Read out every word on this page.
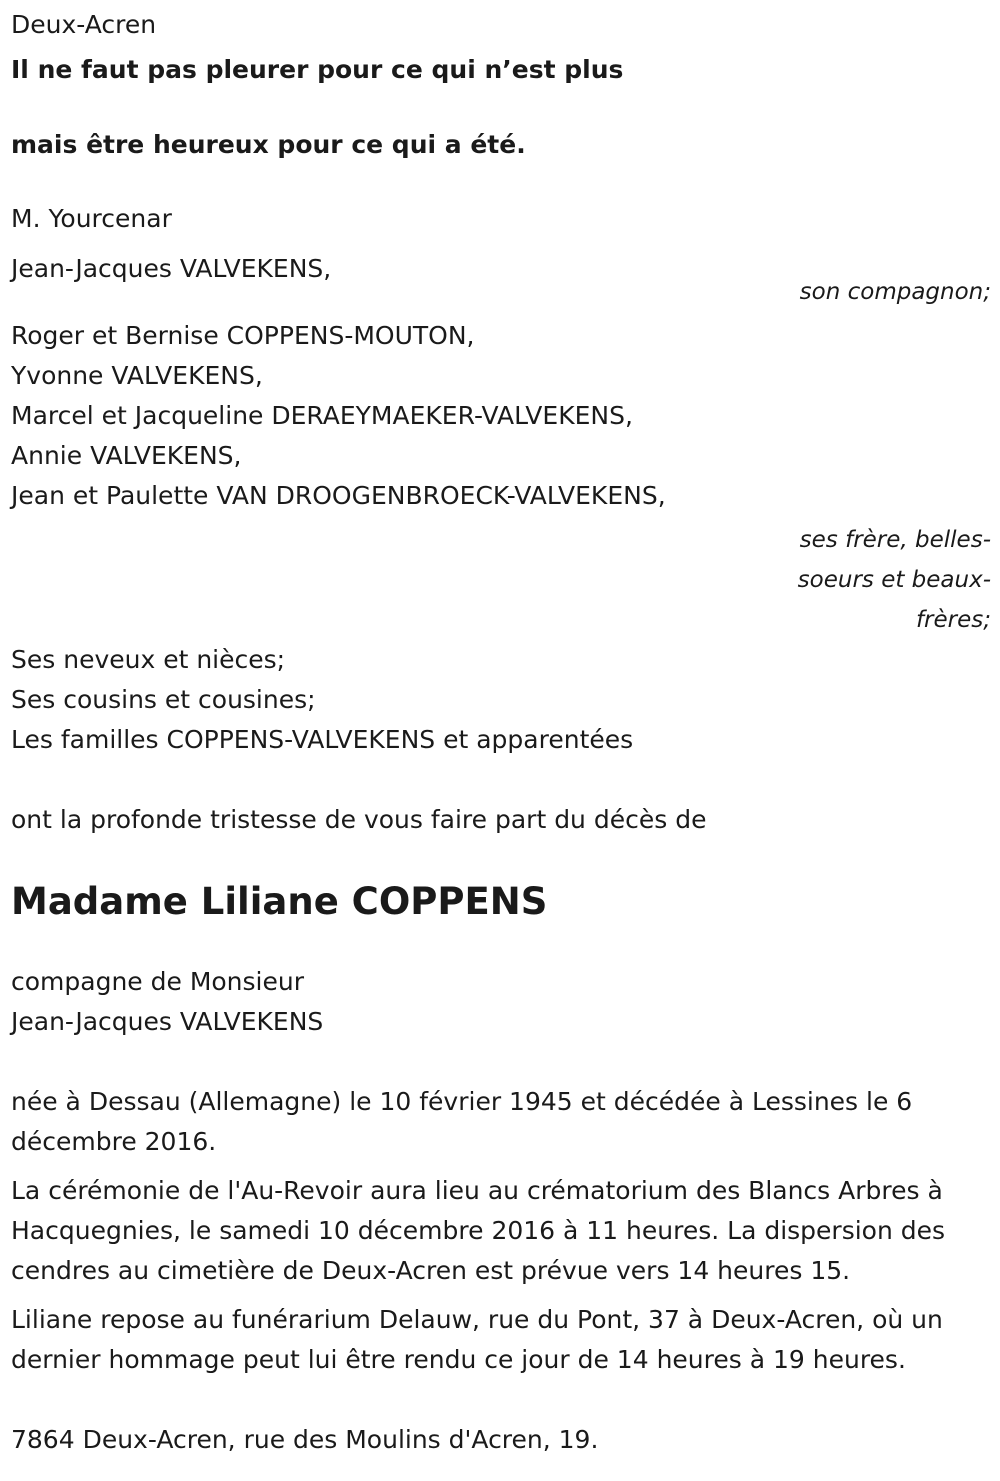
Deux-Acren

Il ne faut pas pleurer pour ce qui n’est plus

mais être heureux pour ce qui a été.

M. Yourcenar

Jean-Jacques VALVEKENS,

son compagnon;

Roger et Bernise COPPENS-MOUTON,

Yvonne VALVEKENS,

Marcel et Jacqueline DERAEYMAEKER-VALVEKENS,

Annie VALVEKENS,

Jean et Paulette VAN DROOGENBROECK-VALVEKENS,

ses frère, belles-
soeurs et beaux-
frères;

Ses neveux et nièces;

Ses cousins et cousines;

Les familles COPPENS-VALVEKENS et apparentées

ont la profonde tristesse de vous faire part du décès de

Madame Liliane COPPENS

compagne de Monsieur

Jean-Jacques VALVEKENS

née à Dessau (Allemagne) le 10 février 1945 et décédée à Lessines le 6 décembre 2016.

La cérémonie de l'Au-Revoir aura lieu au crématorium des Blancs Arbres à Hacquegnies, le samedi 10 décembre 2016 à 11 heures. La dispersion des cendres au cimetière de Deux-Acren est prévue vers 14 heures 15.

Liliane repose au funérarium Delauw, rue du Pont, 37 à Deux-Acren, où un dernier hommage peut lui être rendu ce jour de 14 heures à 19 heures.

7864 Deux-Acren, rue des Moulins d'Acren, 19.
